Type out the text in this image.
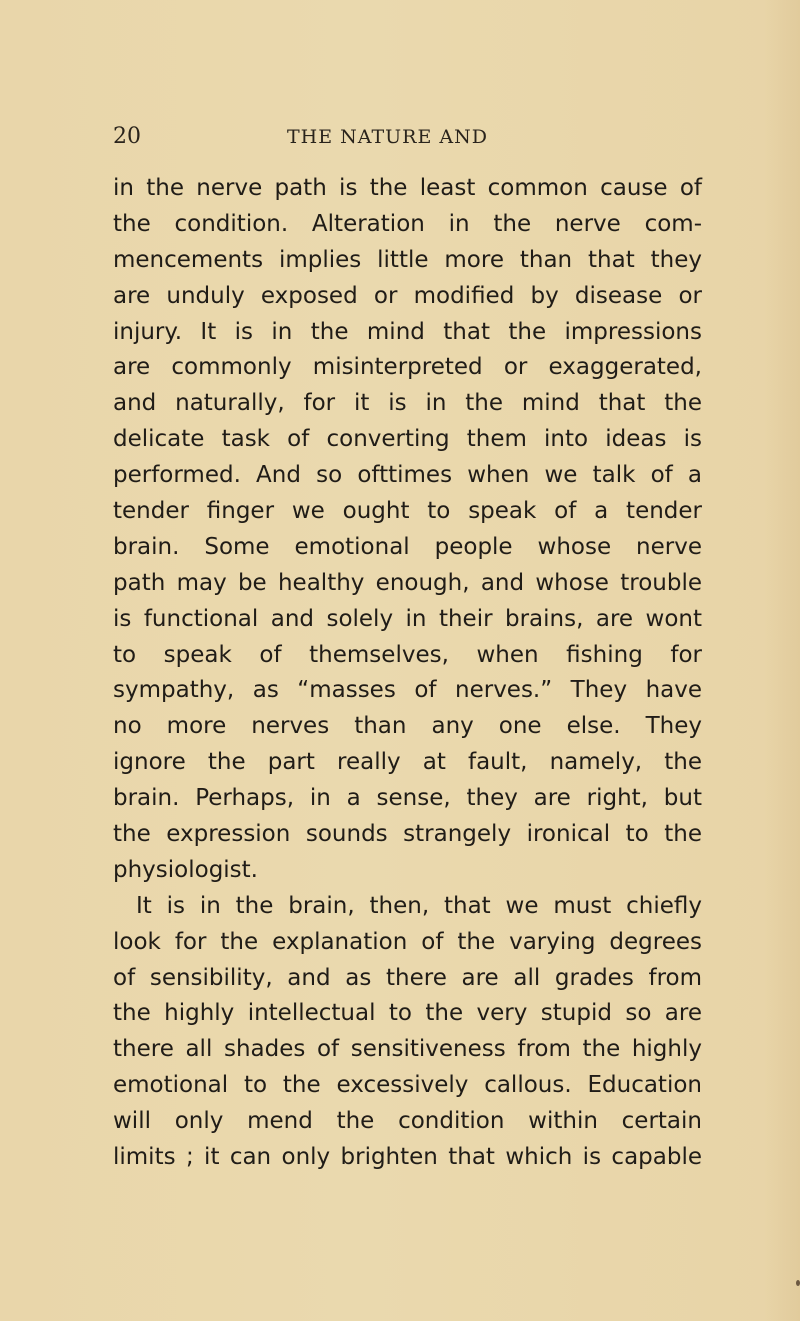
20	THE NATURE AND
in the nerve path is the least common cause of
the condition. Alteration in the nerve com-
mencements implies little more than that they
are unduly exposed or modified by disease or
injury. It is in the mind that the impressions
are commonly misinterpreted or exaggerated,
and naturally, for it is in the mind that the
delicate task of converting them into ideas is
performed. And so ofttimes when we talk of a
tender finger we ought to speak of a tender
brain. Some emotional people whose nerve
path may be healthy enough, and whose trouble
is functional and solely in their brains, are wont
to speak of themselves, when fishing for
sympathy, as “masses of nerves.” They have
no more nerves than any one else. They
ignore the part really at fault, namely, the
brain. Perhaps, in a sense, they are right, but
the expression sounds strangely ironical to the
physiologist.
It is in the brain, then, that we must chiefly
look for the explanation of the varying degrees
of sensibility, and as there are all grades from
the highly intellectual to the very stupid so are
there all shades of sensitiveness from the highly
emotional to the excessively callous. Education
will only mend the condition within certain
limits ; it can only brighten that which is capable
